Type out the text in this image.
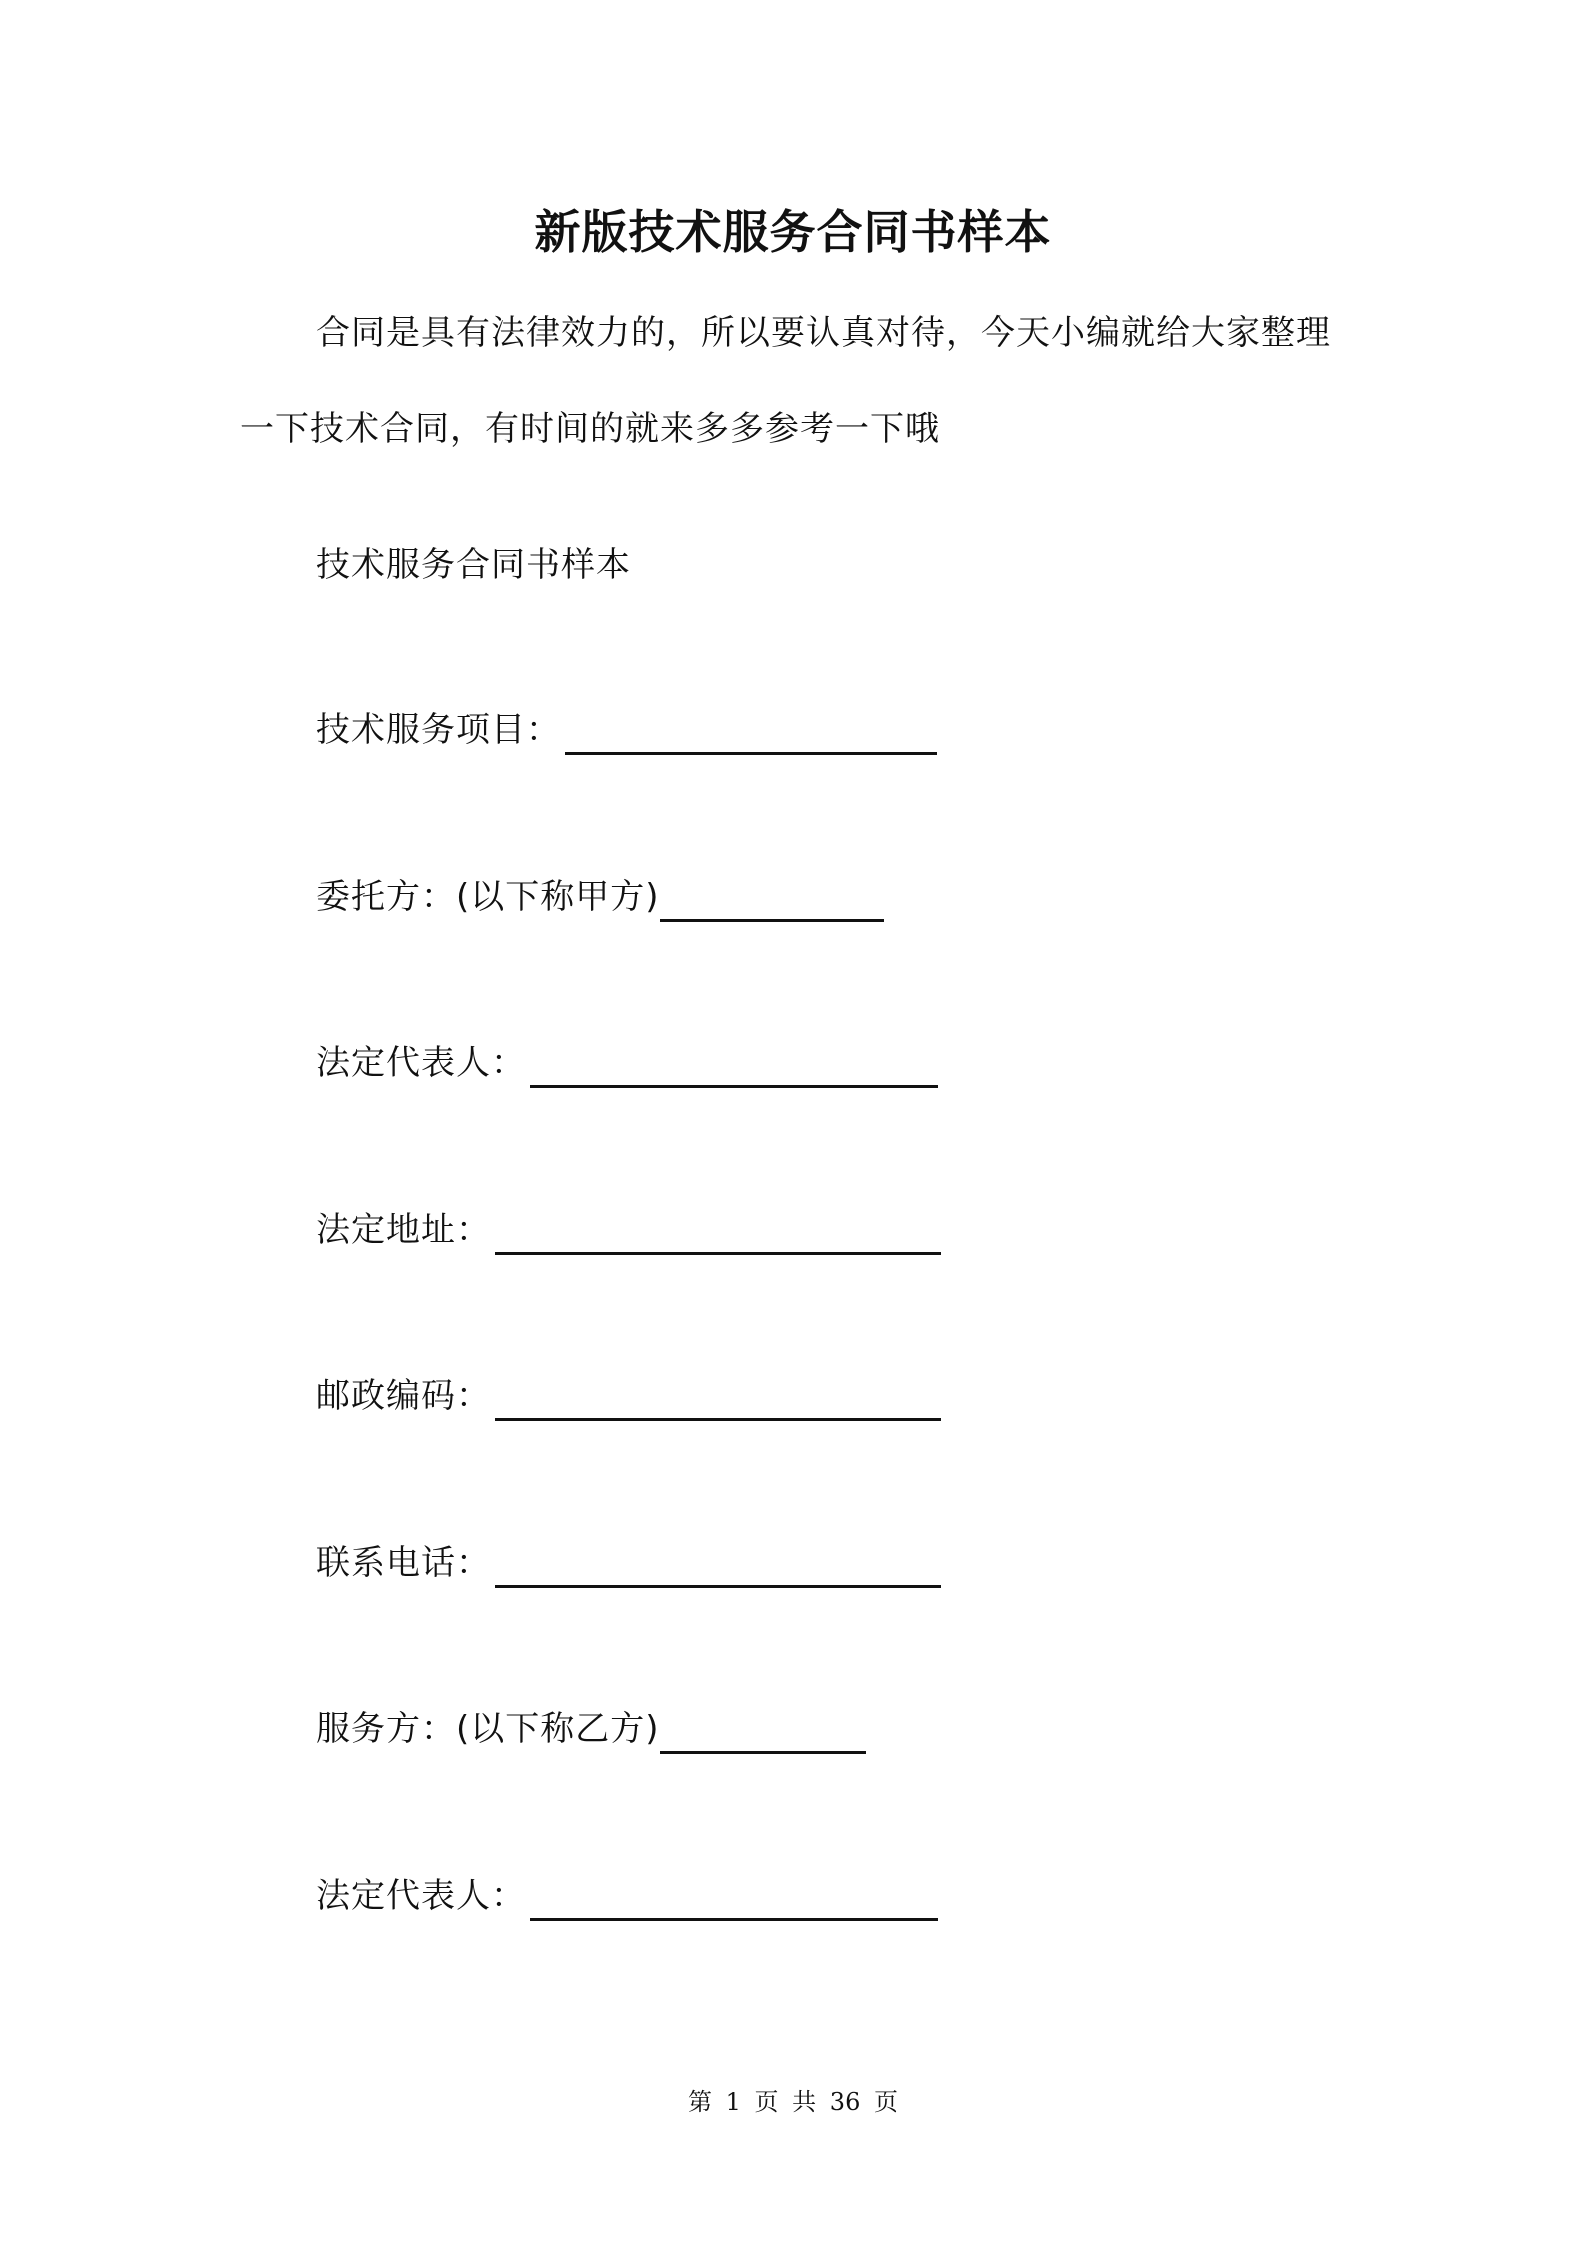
新版技术服务合同书样本
合同是具有法律效力的，所以要认真对待，今天小编就给大家整理一下技术合同，有时间的就来多多参考一下哦
技术服务合同书样本
技术服务项目：
委托方：(以下称甲方)
法定代表人：
法定地址：
邮政编码：
联系电话：
服务方：(以下称乙方)
法定代表人：
第 1 页 共 36 页
